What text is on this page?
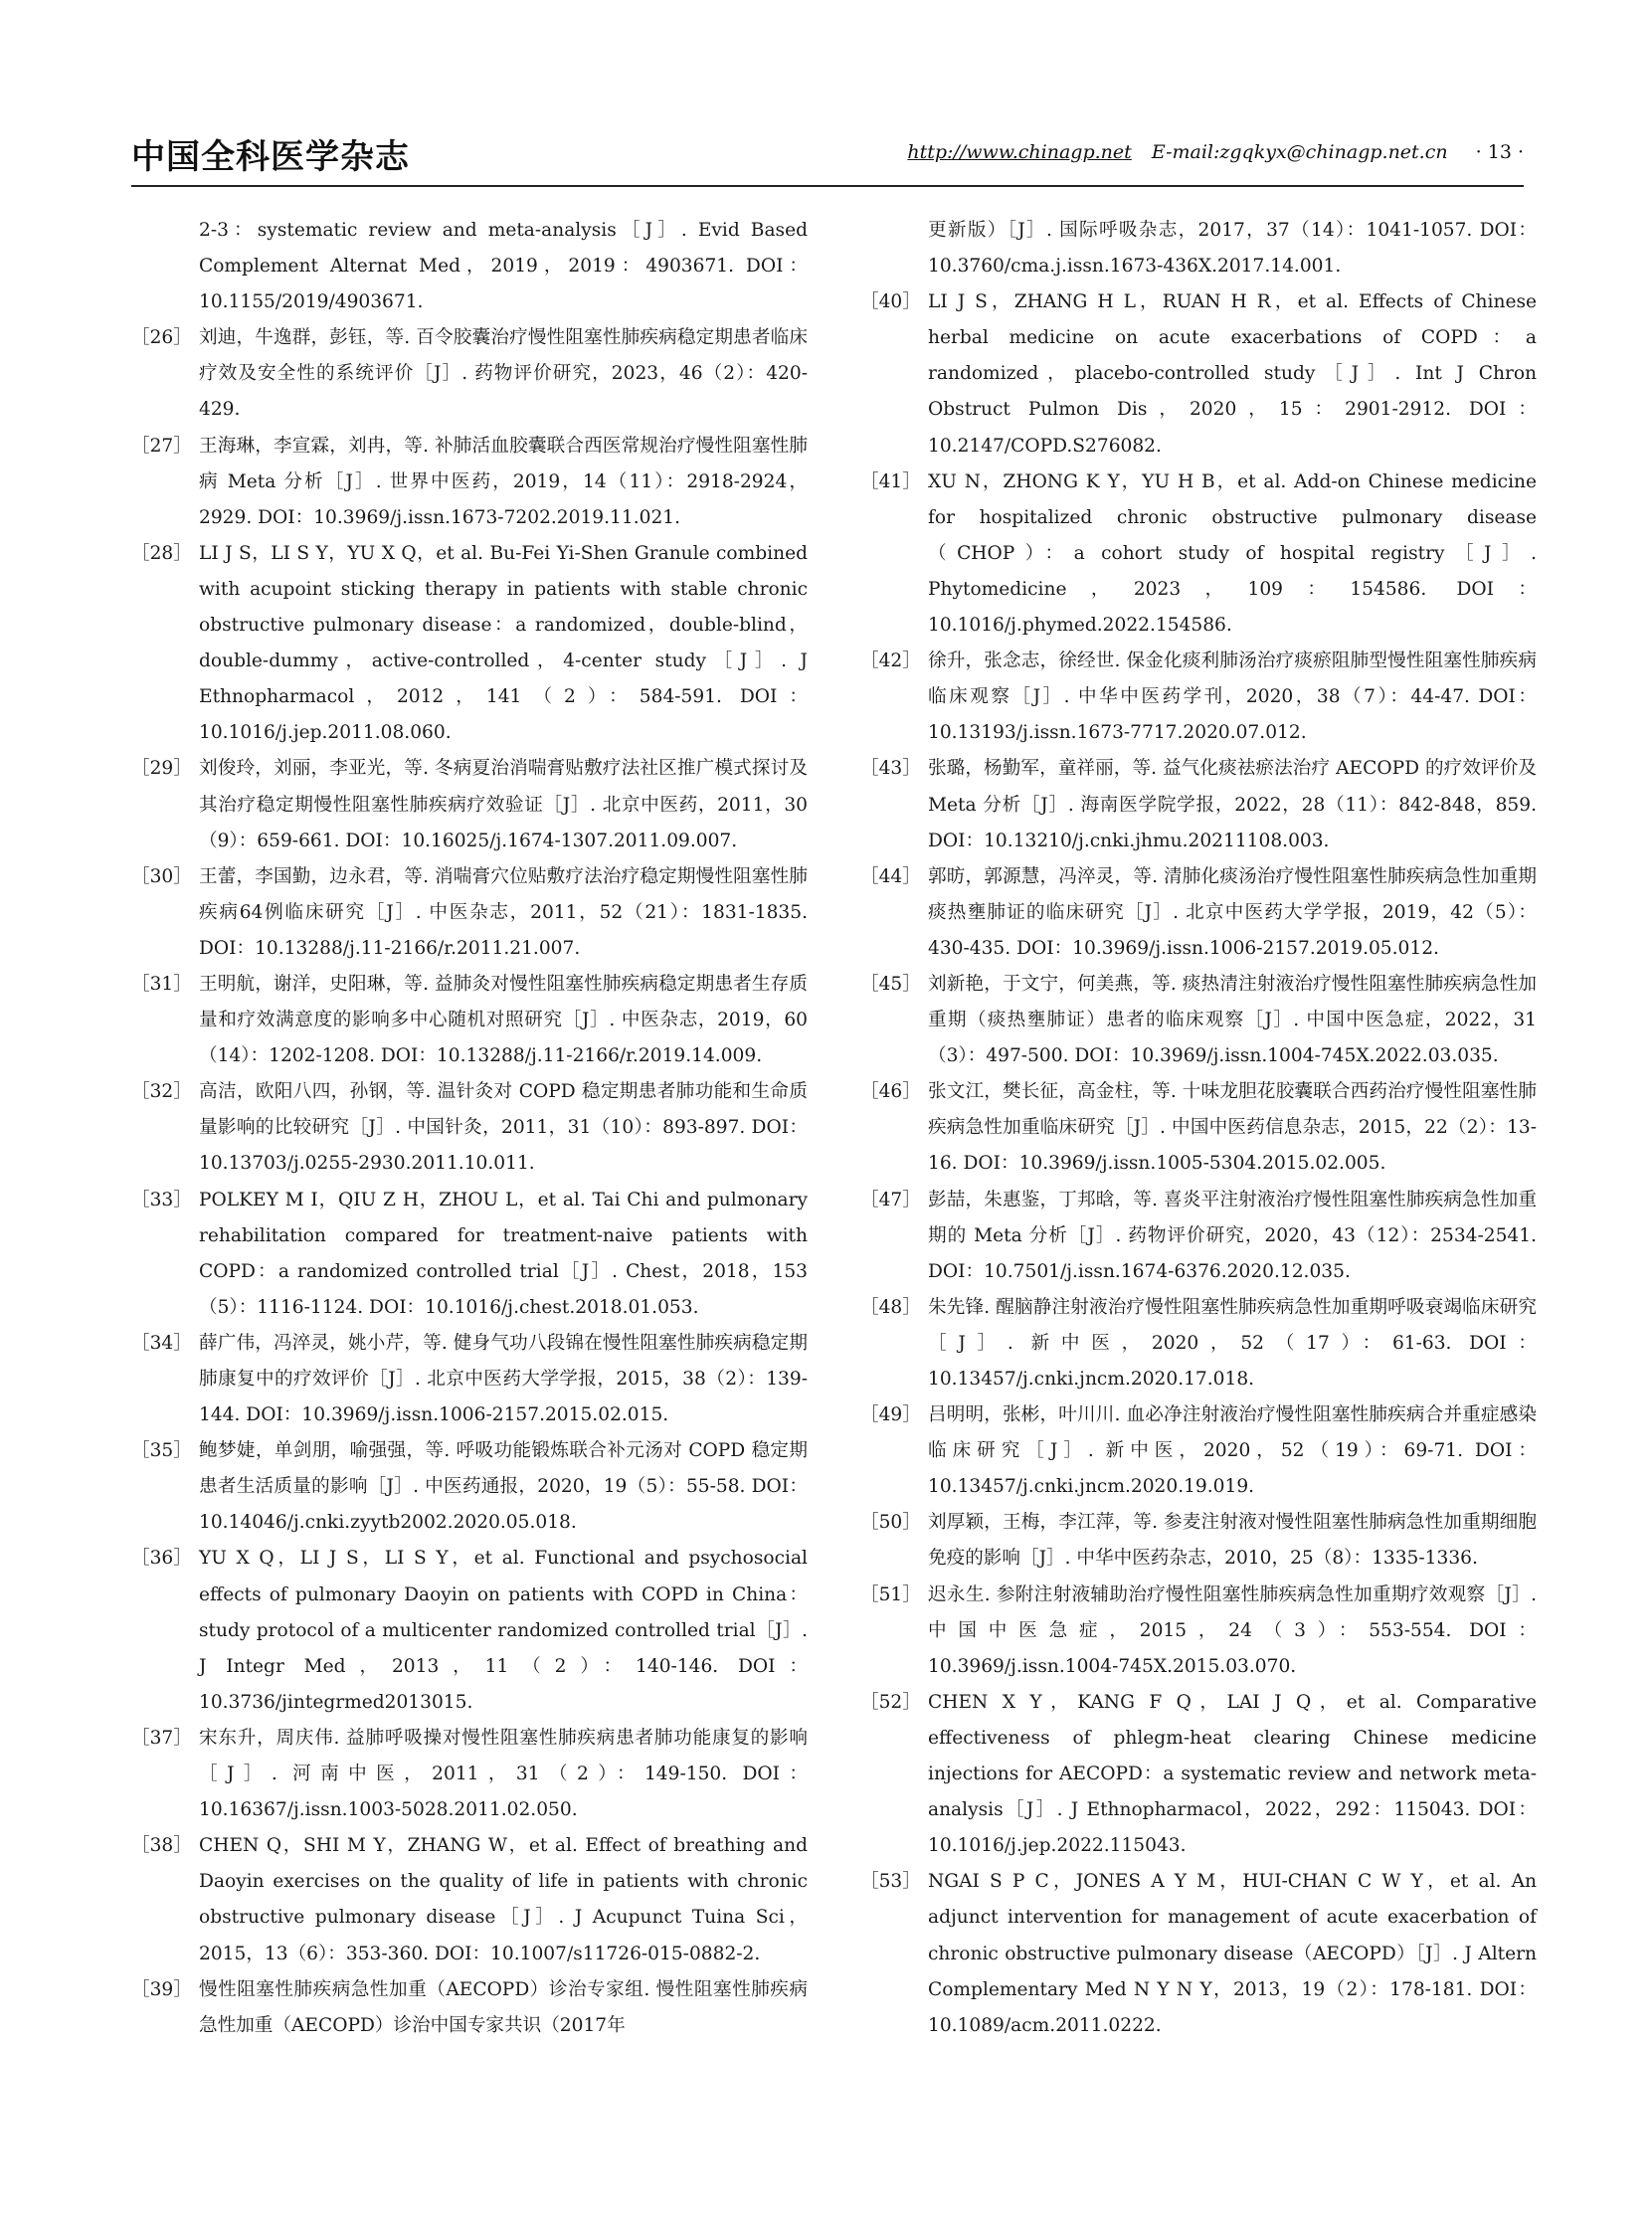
中国全科医学杂志	http://www.chinagp.net E-mail:zgqkyx@chinagp.net.cn · 13 ·
2-3：systematic review and meta-analysis［J］. Evid Based Complement Alternat Med，2019，2019：4903671. DOI：10.1155/2019/4903671.
［26］ 刘迪，牛逸群，彭钰，等. 百令胶囊治疗慢性阻塞性肺疾病稳定期患者临床疗效及安全性的系统评价［J］. 药物评价研究，2023，46（2）：420-429.
［27］ 王海琳，李宣霖，刘冉，等. 补肺活血胶囊联合西医常规治疗慢性阻塞性肺病 Meta 分析［J］. 世界中医药，2019，14（11）：2918-2924，2929. DOI：10.3969/j.issn.1673-7202.2019.11.021.
［28］ LI J S，LI S Y，YU X Q，et al. Bu-Fei Yi-Shen Granule combined with acupoint sticking therapy in patients with stable chronic obstructive pulmonary disease：a randomized，double-blind，double-dummy，active-controlled，4-center study［J］. J Ethnopharmacol，2012，141（2）：584-591. DOI：10.1016/j.jep.2011.08.060.
［29］ 刘俊玲，刘丽，李亚光，等. 冬病夏治消喘膏贴敷疗法社区推广模式探讨及其治疗稳定期慢性阻塞性肺疾病疗效验证［J］. 北京中医药，2011，30（9）：659-661. DOI：10.16025/j.1674-1307.2011.09.007.
［30］ 王蕾，李国勤，边永君，等. 消喘膏穴位贴敷疗法治疗稳定期慢性阻塞性肺疾病64例临床研究［J］. 中医杂志，2011，52（21）：1831-1835. DOI：10.13288/j.11-2166/r.2011.21.007.
［31］ 王明航，谢洋，史阳琳，等. 益肺灸对慢性阻塞性肺疾病稳定期患者生存质量和疗效满意度的影响多中心随机对照研究［J］. 中医杂志，2019，60（14）：1202-1208. DOI：10.13288/j.11-2166/r.2019.14.009.
［32］ 高洁，欧阳八四，孙钢，等. 温针灸对 COPD 稳定期患者肺功能和生命质量影响的比较研究［J］. 中国针灸，2011，31（10）：893-897. DOI：10.13703/j.0255-2930.2011.10.011.
［33］ POLKEY M I，QIU Z H，ZHOU L，et al. Tai Chi and pulmonary rehabilitation compared for treatment-naive patients with COPD：a randomized controlled trial［J］. Chest，2018，153（5）：1116-1124. DOI：10.1016/j.chest.2018.01.053.
［34］ 薛广伟，冯淬灵，姚小芹，等. 健身气功八段锦在慢性阻塞性肺疾病稳定期肺康复中的疗效评价［J］. 北京中医药大学学报，2015，38（2）：139-144. DOI：10.3969/j.issn.1006-2157.2015.02.015.
［35］ 鲍梦婕，单剑朋，喻强强，等. 呼吸功能锻炼联合补元汤对 COPD 稳定期患者生活质量的影响［J］. 中医药通报，2020，19（5）：55-58. DOI：10.14046/j.cnki.zyytb2002.2020.05.018.
［36］ YU X Q，LI J S，LI S Y，et al. Functional and psychosocial effects of pulmonary Daoyin on patients with COPD in China：study protocol of a multicenter randomized controlled trial［J］. J Integr Med，2013，11（2）：140-146. DOI：10.3736/jintegrmed2013015.
［37］ 宋东升，周庆伟. 益肺呼吸操对慢性阻塞性肺疾病患者肺功能康复的影响［J］. 河南中医，2011，31（2）：149-150. DOI：10.16367/j.issn.1003-5028.2011.02.050.
［38］ CHEN Q，SHI M Y，ZHANG W，et al. Effect of breathing and Daoyin exercises on the quality of life in patients with chronic obstructive pulmonary disease［J］. J Acupunct Tuina Sci，2015，13（6）：353-360. DOI：10.1007/s11726-015-0882-2.
［39］ 慢性阻塞性肺疾病急性加重（AECOPD）诊治专家组. 慢性阻塞性肺疾病急性加重（AECOPD）诊治中国专家共识（2017年
更新版）［J］. 国际呼吸杂志，2017，37（14）：1041-1057. DOI：10.3760/cma.j.issn.1673-436X.2017.14.001.
［40］ LI J S，ZHANG H L，RUAN H R，et al. Effects of Chinese herbal medicine on acute exacerbations of COPD：a randomized，placebo-controlled study［J］. Int J Chron Obstruct Pulmon Dis，2020，15：2901-2912. DOI：10.2147/COPD.S276082.
［41］ XU N，ZHONG K Y，YU H B，et al. Add-on Chinese medicine for hospitalized chronic obstructive pulmonary disease（CHOP）：a cohort study of hospital registry［J］. Phytomedicine，2023，109：154586. DOI：10.1016/j.phymed.2022.154586.
［42］ 徐升，张念志，徐经世. 保金化痰利肺汤治疗痰瘀阻肺型慢性阻塞性肺疾病临床观察［J］. 中华中医药学刊，2020，38（7）：44-47. DOI：10.13193/j.issn.1673-7717.2020.07.012.
［43］ 张璐，杨勤军，童祥丽，等. 益气化痰祛瘀法治疗 AECOPD 的疗效评价及 Meta 分析［J］. 海南医学院学报，2022，28（11）：842-848，859. DOI：10.13210/j.cnki.jhmu.20211108.003.
［44］ 郭昉，郭源慧，冯淬灵，等. 清肺化痰汤治疗慢性阻塞性肺疾病急性加重期痰热壅肺证的临床研究［J］. 北京中医药大学学报，2019，42（5）：430-435. DOI：10.3969/j.issn.1006-2157.2019.05.012.
［45］ 刘新艳，于文宁，何美燕，等. 痰热清注射液治疗慢性阻塞性肺疾病急性加重期（痰热壅肺证）患者的临床观察［J］. 中国中医急症，2022，31（3）：497-500. DOI：10.3969/j.issn.1004-745X.2022.03.035.
［46］ 张文江，樊长征，高金柱，等. 十味龙胆花胶囊联合西药治疗慢性阻塞性肺疾病急性加重临床研究［J］. 中国中医药信息杂志，2015，22（2）：13-16. DOI：10.3969/j.issn.1005-5304.2015.02.005.
［47］ 彭喆，朱惠鉴，丁邦晗，等. 喜炎平注射液治疗慢性阻塞性肺疾病急性加重期的 Meta 分析［J］. 药物评价研究，2020，43（12）：2534-2541. DOI：10.7501/j.issn.1674-6376.2020.12.035.
［48］ 朱先锋. 醒脑静注射液治疗慢性阻塞性肺疾病急性加重期呼吸衰竭临床研究［J］. 新中医，2020，52（17）：61-63. DOI：10.13457/j.cnki.jncm.2020.17.018.
［49］ 吕明明，张彬，叶川川. 血必净注射液治疗慢性阻塞性肺疾病合并重症感染临床研究［J］. 新中医，2020，52（19）：69-71. DOI：10.13457/j.cnki.jncm.2020.19.019.
［50］ 刘厚颖，王梅，李江萍，等. 参麦注射液对慢性阻塞性肺病急性加重期细胞免疫的影响［J］. 中华中医药杂志，2010，25（8）：1335-1336.
［51］ 迟永生. 参附注射液辅助治疗慢性阻塞性肺疾病急性加重期疗效观察［J］. 中国中医急症，2015，24（3）：553-554. DOI：10.3969/j.issn.1004-745X.2015.03.070.
［52］ CHEN X Y，KANG F Q，LAI J Q，et al. Comparative effectiveness of phlegm-heat clearing Chinese medicine injections for AECOPD：a systematic review and network meta-analysis［J］. J Ethnopharmacol，2022，292：115043. DOI：10.1016/j.jep.2022.115043.
［53］ NGAI S P C，JONES A Y M，HUI-CHAN C W Y，et al. An adjunct intervention for management of acute exacerbation of chronic obstructive pulmonary disease（AECOPD）［J］. J Altern Complementary Med N Y N Y，2013，19（2）：178-181. DOI：10.1089/acm.2011.0222.
